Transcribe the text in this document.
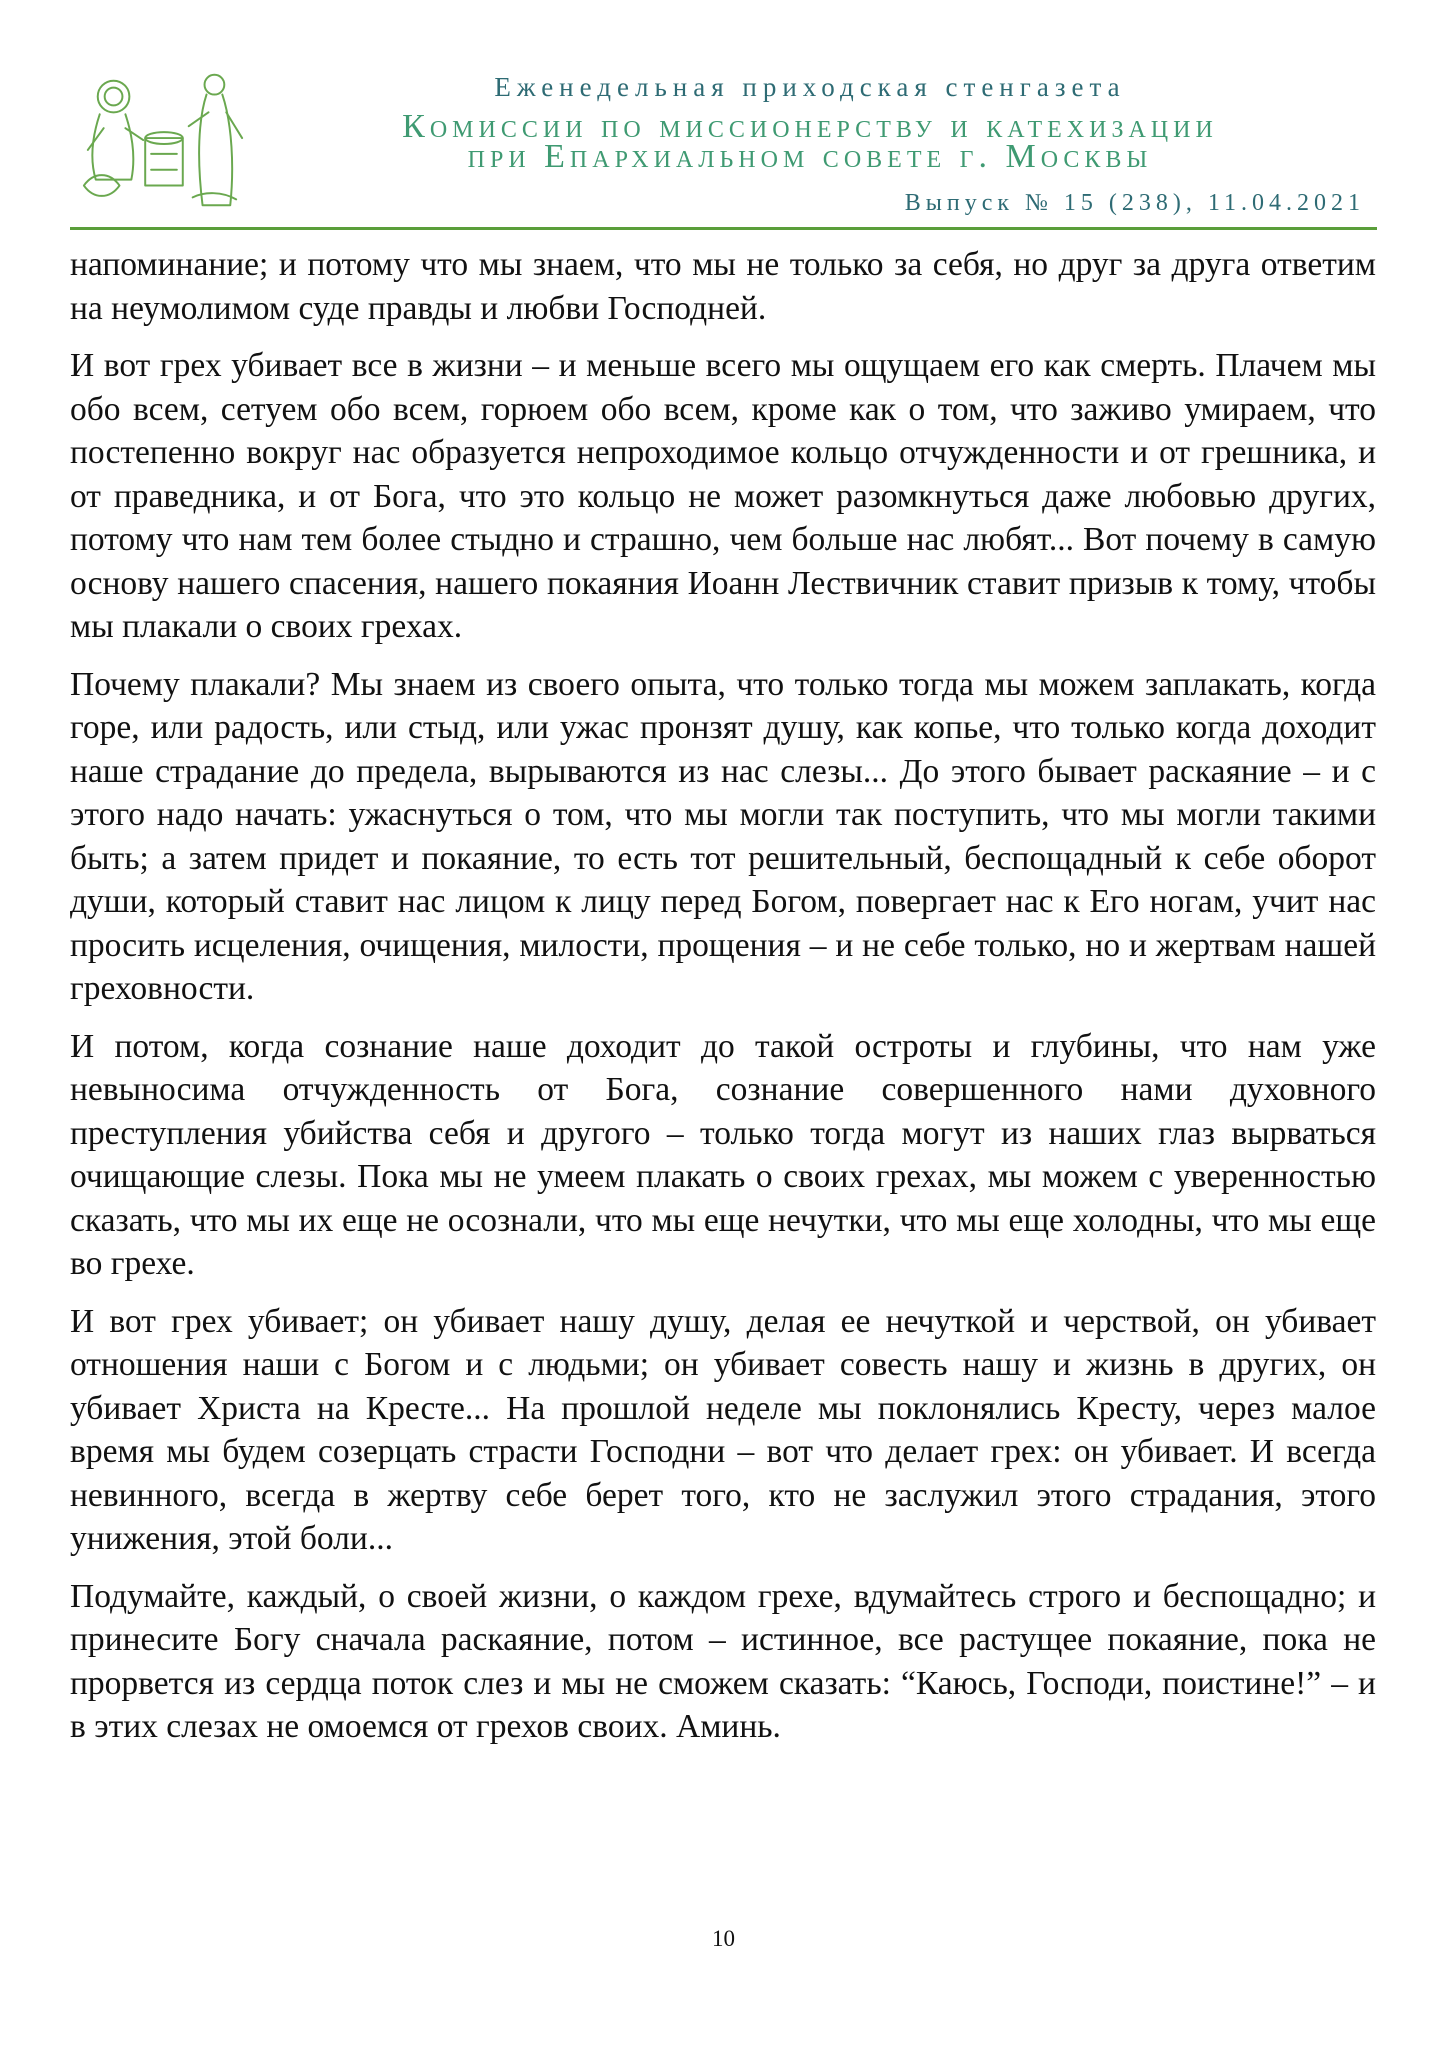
Еженедельная приходская стенгазета
Комиссии по миссионерству и катехизации
при Епархиальном совете г. Москвы
Выпуск № 15 (238), 11.04.2021

напоминание; и потому что мы знаем, что мы не только за себя, но друг за друга ответим на неумолимом суде правды и любви Господней.

И вот грех убивает все в жизни – и меньше всего мы ощущаем его как смерть. Плачем мы обо всем, сетуем обо всем, горюем обо всем, кроме как о том, что заживо умираем, что постепенно вокруг нас образуется непроходимое кольцо отчужденности и от грешника, и от праведника, и от Бога, что это кольцо не может разомкнуться даже любовью других, потому что нам тем более стыдно и страшно, чем больше нас любят... Вот почему в самую основу нашего спасения, нашего покаяния Иоанн Лествичник ставит призыв к тому, чтобы мы плакали о своих грехах.

Почему плакали? Мы знаем из своего опыта, что только тогда мы можем заплакать, когда горе, или радость, или стыд, или ужас пронзят душу, как копье, что только когда доходит наше страдание до предела, вырываются из нас слезы... До этого бывает раскаяние – и с этого надо начать: ужаснуться о том, что мы могли так поступить, что мы могли такими быть; а затем придет и покаяние, то есть тот решительный, беспощадный к себе оборот души, который ставит нас лицом к лицу перед Богом, повергает нас к Его ногам, учит нас просить исцеления, очищения, милости, прощения – и не себе только, но и жертвам нашей греховности.

И потом, когда сознание наше доходит до такой остроты и глубины, что нам уже невыносима отчужденность от Бога, сознание совершенного нами духовного преступления убийства себя и другого – только тогда могут из наших глаз вырваться очищающие слезы. Пока мы не умеем плакать о своих грехах, мы можем с уверенностью сказать, что мы их еще не осознали, что мы еще нечутки, что мы еще холодны, что мы еще во грехе.

И вот грех убивает; он убивает нашу душу, делая ее нечуткой и черствой, он убивает отношения наши с Богом и с людьми; он убивает совесть нашу и жизнь в других, он убивает Христа на Кресте... На прошлой неделе мы поклонялись Кресту, через малое время мы будем созерцать страсти Господни – вот что делает грех: он убивает. И всегда невинного, всегда в жертву себе берет того, кто не заслужил этого страдания, этого унижения, этой боли...

Подумайте, каждый, о своей жизни, о каждом грехе, вдумайтесь строго и беспощадно; и принесите Богу сначала раскаяние, потом – истинное, все растущее покаяние, пока не прорвется из сердца поток слез и мы не сможем сказать: “Каюсь, Господи, поистине!” – и в этих слезах не омоемся от грехов своих. Аминь.

10
